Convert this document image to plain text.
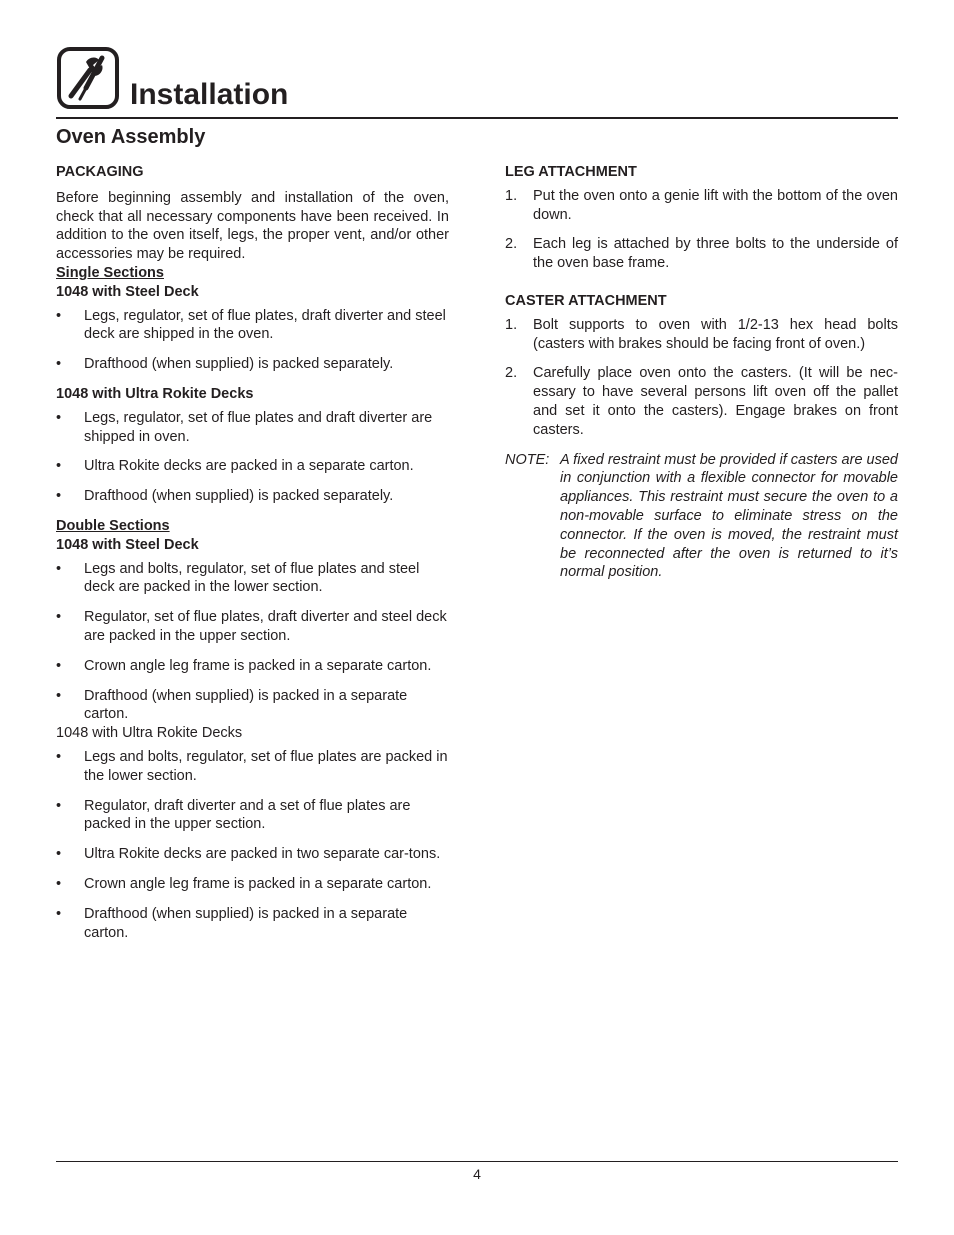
Installation
Oven Assembly

PACKAGING

Before beginning assembly and installation of the oven, check that all necessary components have been received. In addition to the oven itself, legs, the proper vent, and/or other accessories may be required.

Single Sections

1048 with Steel Deck

• Legs, regulator, set of flue plates, draft diverter and steel deck are shipped in the oven.
• Drafthood (when supplied) is packed separately.

1048 with Ultra Rokite Decks

• Legs, regulator, set of flue plates and draft diverter are shipped in oven.
• Ultra Rokite decks are packed in a separate carton.
• Drafthood (when supplied) is packed separately.

Double Sections

1048 with Steel Deck

• Legs and bolts, regulator, set of flue plates and steel deck are packed in the lower section.
• Regulator, set of flue plates, draft diverter and steel deck are packed in the upper section.
• Crown angle leg frame is packed in a separate carton.
• Drafthood (when supplied) is packed in a separate carton.

1048 with Ultra Rokite Decks

• Legs and bolts, regulator, set of flue plates are packed in the lower section.
• Regulator, draft diverter and a set of flue plates are packed in the upper section.
• Ultra Rokite decks are packed in two separate car-tons.
• Crown angle leg frame is packed in a separate carton.
• Drafthood (when supplied) is packed in a separate carton.

LEG ATTACHMENT

1. Put the oven onto a genie lift with the bottom of the oven down.
2. Each leg is attached by three bolts to the underside of the oven base frame.

CASTER ATTACHMENT

1. Bolt supports to oven with 1/2-13 hex head bolts (casters with brakes should be facing front of oven.)
2. Carefully place oven onto the casters. (It will be nec-essary to have several persons lift oven off the pallet and set it onto the casters). Engage brakes on front casters.
NOTE: A fixed restraint must be provided if casters are used in conjunction with a flexible connector for movable appliances. This restraint must secure the oven to a non-movable surface to eliminate stress on the connector. If the oven is moved, the restraint must be reconnected after the oven is returned to it’s normal position.
4
